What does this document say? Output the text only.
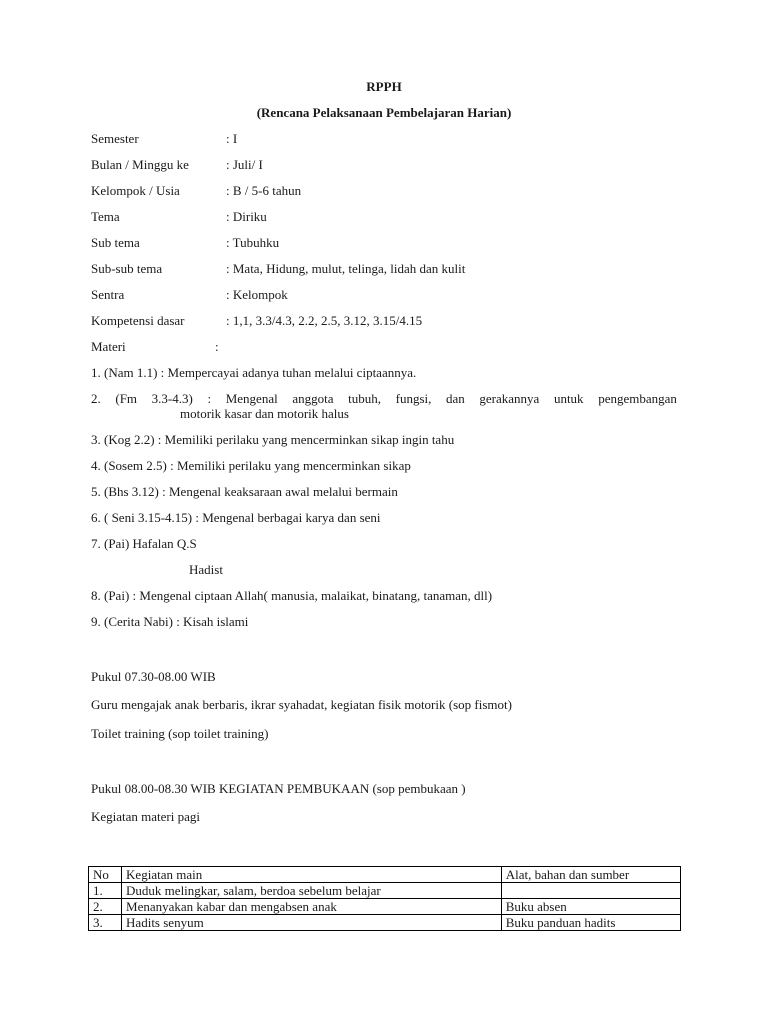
RPPH
(Rencana Pelaksanaan Pembelajaran Harian)
Semester	: I
Bulan / Minggu ke	: Juli/ I
Kelompok / Usia	: B / 5-6 tahun
Tema	: Diriku
Sub tema	: Tubuhku
Sub-sub tema	: Mata, Hidung, mulut, telinga, lidah dan kulit
Sentra	: Kelompok
Kompetensi dasar	: 1,1, 3.3/4.3, 2.2, 2.5, 3.12, 3.15/4.15
Materi	:
1. (Nam 1.1) : Mempercayai adanya tuhan melalui ciptaannya.
2. (Fm 3.3-4.3) : Mengenal anggota tubuh, fungsi, dan gerakannya untuk pengembangan
motorik kasar dan motorik halus
3. (Kog 2.2) : Memiliki perilaku yang mencerminkan sikap ingin tahu
4. (Sosem 2.5) : Memiliki perilaku yang mencerminkan sikap
5. (Bhs 3.12) : Mengenal keaksaraan awal melalui bermain
6. ( Seni 3.15-4.15) : Mengenal berbagai karya dan seni
7. (Pai) Hafalan Q.S
Hadist
8. (Pai) : Mengenal ciptaan Allah( manusia, malaikat, binatang, tanaman, dll)
9. (Cerita Nabi) : Kisah islami
Pukul 07.30-08.00 WIB
Guru mengajak anak berbaris, ikrar syahadat, kegiatan fisik motorik (sop fismot)
Toilet training (sop toilet training)
Pukul 08.00-08.30 WIB KEGIATAN PEMBUKAAN (sop pembukaan )
Kegiatan materi pagi
No	Kegiatan main	Alat, bahan dan sumber
1.	Duduk melingkar, salam, berdoa sebelum belajar	
2.	Menanyakan kabar dan mengabsen anak	Buku absen
3.	Hadits senyum	Buku panduan hadits
